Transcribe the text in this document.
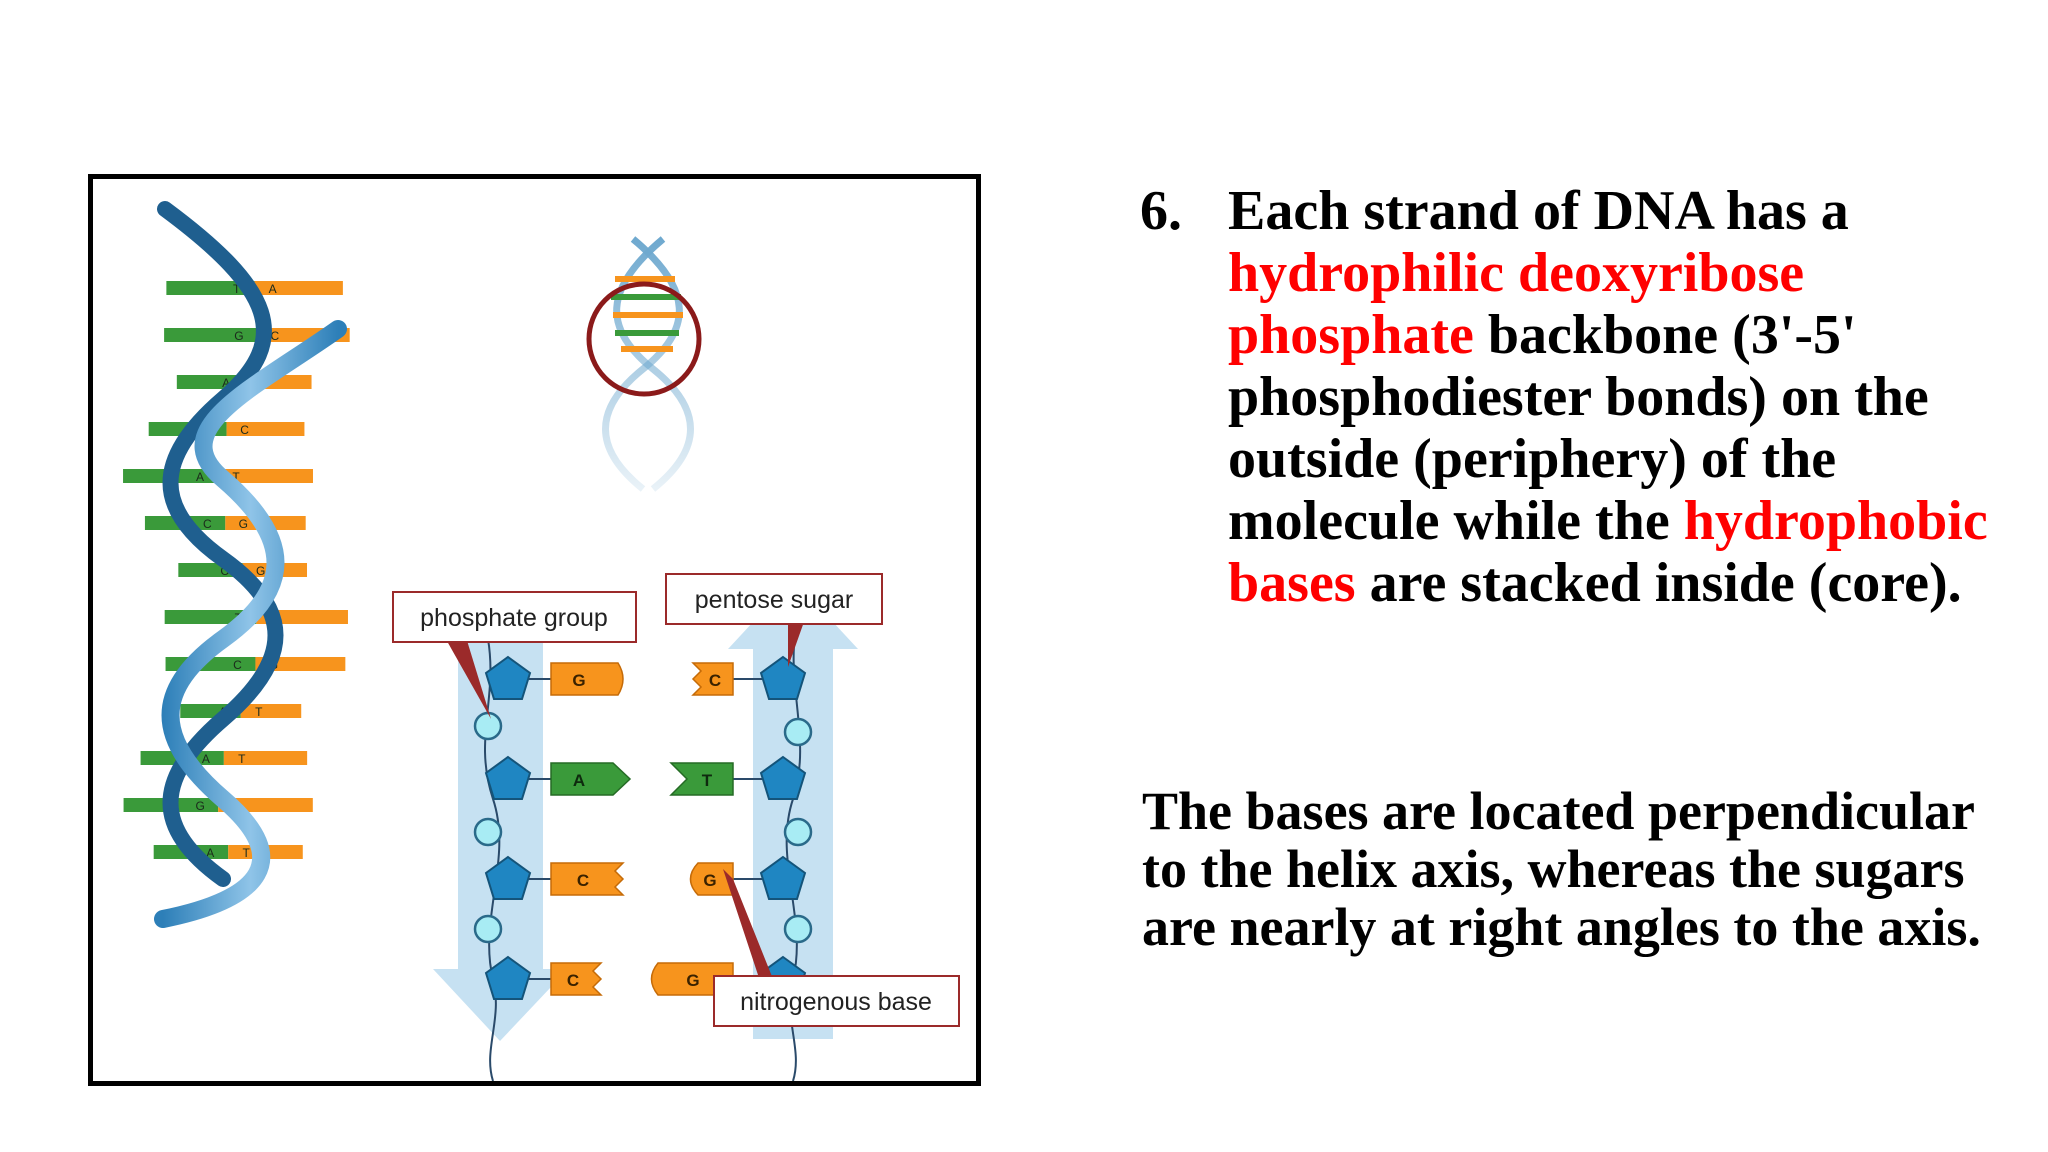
T A
G C
A T
G C
A T
C G
C G
T A
C G
A T
A T
G C
A T
G
A
C
C
C
T
G
G
phosphate group
pentose sugar
nitrogenous base
6. Each strand of DNA has a hydrophilic deoxyribose phosphate backbone (3'-5' phosphodiester bonds) on the outside (periphery) of the molecule while the hydrophobic bases are stacked inside (core).
The bases are located perpendicular to the helix axis, whereas the sugars are nearly at right angles to the axis.
